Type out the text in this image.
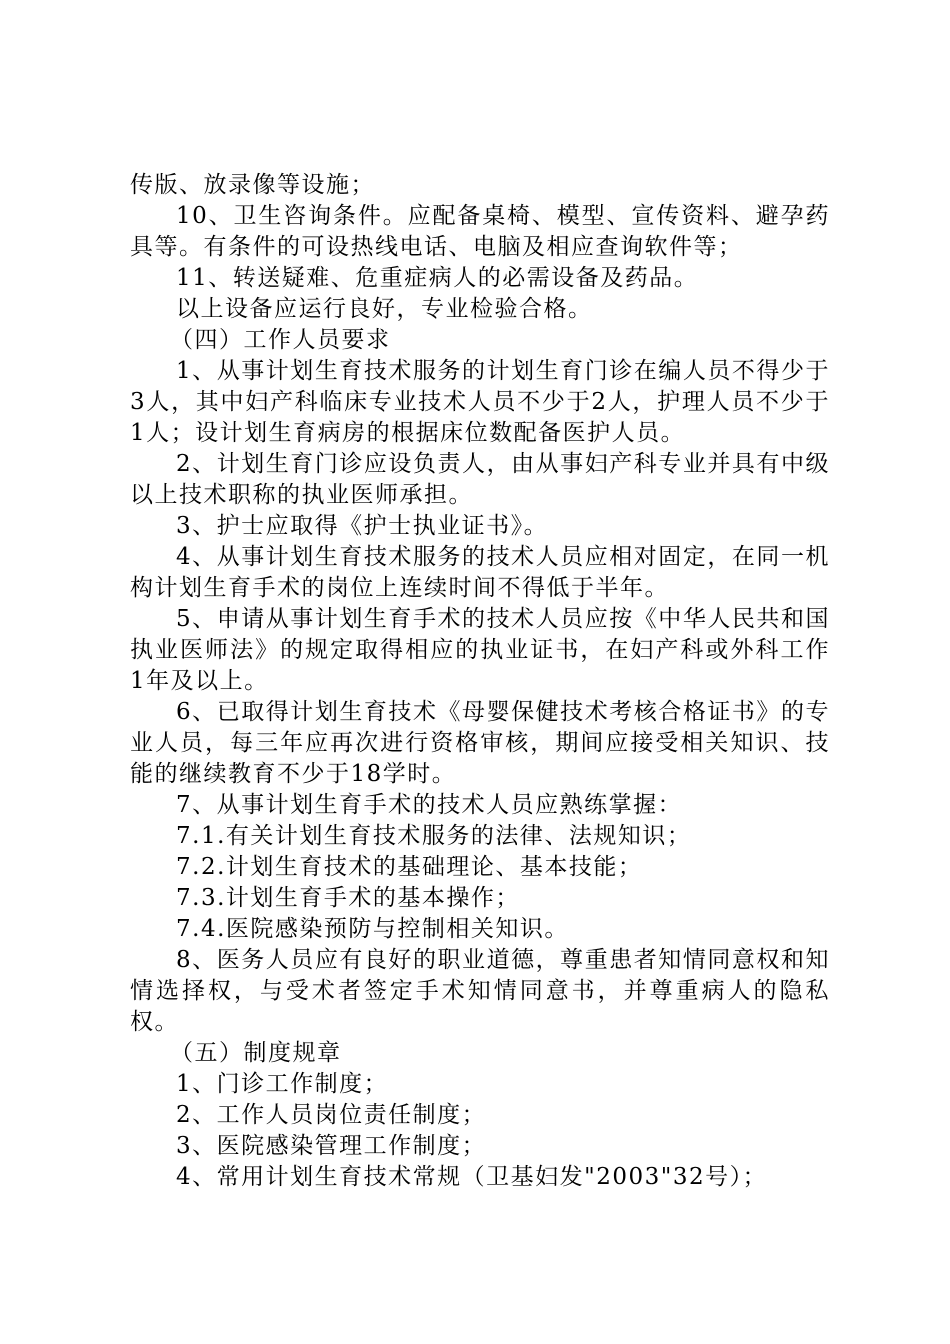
传版、放录像等设施；

10、卫生咨询条件。应配备桌椅、模型、宣传资料、避孕药具等。有条件的可设热线电话、电脑及相应查询软件等；

11、转送疑难、危重症病人的必需设备及药品。

以上设备应运行良好，专业检验合格。

（四）工作人员要求

1、从事计划生育技术服务的计划生育门诊在编人员不得少于3人，其中妇产科临床专业技术人员不少于2人，护理人员不少于1人；设计划生育病房的根据床位数配备医护人员。

2、计划生育门诊应设负责人，由从事妇产科专业并具有中级以上技术职称的执业医师承担。

3、护士应取得《护士执业证书》。

4、从事计划生育技术服务的技术人员应相对固定，在同一机构计划生育手术的岗位上连续时间不得低于半年。

5、申请从事计划生育手术的技术人员应按《中华人民共和国执业医师法》的规定取得相应的执业证书，在妇产科或外科工作1年及以上。

6、已取得计划生育技术《母婴保健技术考核合格证书》的专业人员，每三年应再次进行资格审核，期间应接受相关知识、技能的继续教育不少于18学时。

7、从事计划生育手术的技术人员应熟练掌握：

7.1.有关计划生育技术服务的法律、法规知识；

7.2.计划生育技术的基础理论、基本技能；

7.3.计划生育手术的基本操作；

7.4.医院感染预防与控制相关知识。

8、医务人员应有良好的职业道德，尊重患者知情同意权和知情选择权，与受术者签定手术知情同意书，并尊重病人的隐私权。

（五）制度规章

1、门诊工作制度；

2、工作人员岗位责任制度；

3、医院感染管理工作制度；

4、常用计划生育技术常规（卫基妇发"2003"32号）；
